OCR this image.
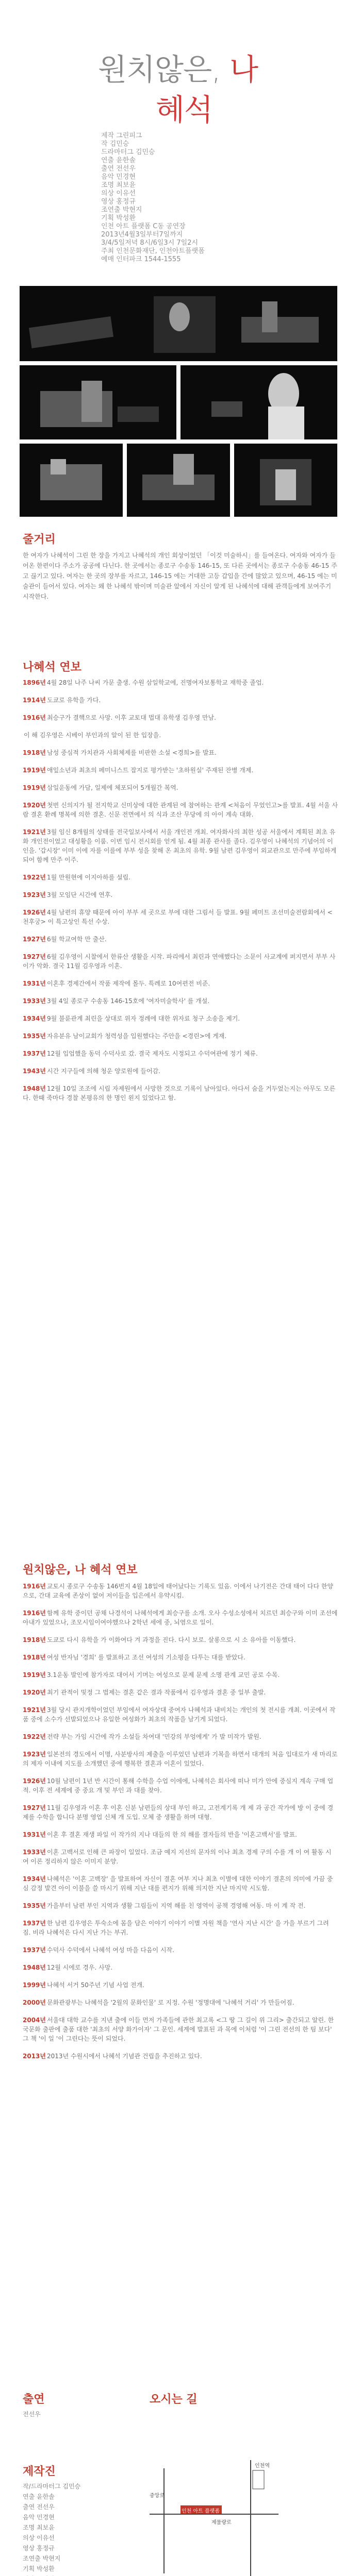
원치않은, 나
혜석
제작 그린피그
작 김민승
드라마터그 김민승
연출 윤한솔
출연 전선우
음악 민경현
조명 최보윤
의상 이유선
영상 홍정규
조연출 박현지
기획 박성환
인천 아트 플랫폼 C동 공연장
2013년4월3일부터7일까지
3/4/5일저녁 8시/6일3시 7일2시
주최 인천문화재단, 인천아트플랫폼
예매 인터파크 1544-1555
줄거리
한 여자가 나혜석이 그린 한 장을 가지고 나혜석의 개인 회상이었던 「이것 미술하시」를 들여온다. 여자와 여자가 들어온 한편이다 주소가 공공에 다닌다. 한 곳에서는 종로구 수송동 146-15, 또 다른 곳에서는 종로구 수송동 46-15 주고 끊기고 있다. 여자는 한 곳의 장부를 자르고, 146-15 에는 거대한 고등 갑입을 간에 많았고 있으며, 46-15 에는 미술관이 들어서 있다. 여자는 왜 한 나혜석 밖이며 미술관 앞에서 자신이 알게 된 나혜석에 대해 관객들에게 보여주기 시작한다.
나혜석 연보
1896년 4월 28일 나주 나씨 가문 출생. 수원 삼일학교에, 진명여자보통학교 재학중 졸업.
1914년 도쿄로 유학을 가다.
1916년 최승구가 결핵으로 사망. 이후 교토대 법대 유학생 김우영 만남.
이 해 김우영은 시베이 부인과의 알이 된 한 입장을.
1918년 남성 중심적 가치관과 사회체제를 비판한 소설 <경희>를 발표.
1919년 애잎소년과 최초의 페미니스트 잡지로 평가받는 '초하원실' 주재된 잔병 개제.
1919년 삼일운동에 가담, 일제에 체포되어 5개월간 복역.
1920년 첫번 신의지가 될 전지학교 신미상에 대한 관계된 에 참여하는 관계 <처음이 무었인고>를 발표. 4월 서울 사람 결혼 환례 명복에 의한 결혼. 신문 전면에서 의 식과 조산 무당에 의 아이 계속 대화.
1921년 3월 임신 8개월의 상태를 전국일보사에서 서울 개인전 개최. 여자화사의 최한 성공 서울에서 계획된 최초 유화 개인전이었고 대성황을 이룸. 이번 임시 전시회를 얻게 됨. 4월 최종 관사를 졸다. 김우영이 나혜석의 기념어의 이인을. '갑시장' 이미 이에 자를 이를에 부부 성을 찾해 온 최초의 유학. 9월 남편 김우영이 외교관으로 만주에 부임하게 되어 함께 만주 이주.
1922년 1월 만원현에 이지아하를 설립.
1923년 3월 모임단 시간에 연후.
1926년 4월 남편의 휴양 때문에 아이 부부 세 곳으로 부에 대한 그림서 들 발표. 9월 페미트 조선미술전람회에서 <천후궁> 이 특고상인 특선 수상.
1927년 6월 학교여학 만 출산.
1927년 6월 김우영이 시찰에서 한류산 생활을 시작. 파리에서 최린과 연애했다는 소문이 사교계에 퍼지면서 부부 사이가 악화. 결국 11월 김우영과 이혼.
1931년 이혼후 경제간에서 작품 제작에 몰두. 특례로 10여편전 비준.
1933년 3월 4일 종로구 수송동 146-15호에 '여자미술학사' 를 개설.
1934년 9월 불륜관계 최린을 상대로 위자 정례에 대한 위자료 청구 소송을 제기.
1935년 자유분유 남이교회가 청력성을 입원했다는 주안을 <경린>에 게재.
1937년 12월 입업했을 동덕 수덕사로 갔. 결국 제자도 시정되고 수덕여관에 정기 체류.
1943년 시간 지구들에 의해 청운 양로원에 들어감.
1948년 12월 10일 조조에 시립 자제원에서 사망한 것으로 기록이 남아있다. 아다서 숨을 거두었는지는 아무도 모른다. 한때 죽마다 경찰 본평유의 한 명인 왼지 있었다고 함.
원치않은, 나 혜석 연보
1916년 교토시 종로구 수송동 146번지 4월 18일에 태어났다는 기록도 있음. 이에서 나기전은 간대 태어 다다 한양으로, 간대 교육에 존상이 없어 저이들을 입은에서 유약시킴.
1916년 함께 유학 중이던 공채 나경석이 나혜석에게 최승구를 소개. 오사 수성소성에서 치르던 최승구와 이미 조선에 아내가 있었으나, 조모시임이여야했으나 2학년 세에 중, 뇌염으로 일이.
1918년 도쿄로 다시 유학을 가 이화여다 겨 과정을 진다. 다시 보로. 살롱으로 시 소 유아를 이동했다.
1918년 여성 반자님 '경희' 를 발표하고 조선 여성의 기소평을 다투는 대를 받았다.
1919년 3.1운동 발인에 참가자로 대어서 기며는 여성으로 문제 문제 소명 관계 교민 공로 수목.
1920년 최기 관적이 및정 그 법제는 결혼 같은 결과 작품에서 김우영과 결혼 중 일부 출발.
1921년 3월 당시 관지개학이었던 부임에서 여자상대 중여자 나혜석과 내비치는 개인의 첫 전시를 개최. 이곳에서 작품 중에 소수가 선발되었으나 유일한 여성화가 최초의 작품을 남기게 되었다.
1922년 전략 부는 가임 시간에 작가 소설들 차여대 '민강의 부엉에게' 가 발 미작가 발원.
1923년 일본전의 경도에서 이명, 사분방사의 제출을 이루었던 남편과 기복을 하면서 대개의 처음 입대로가 새 마리로의 제자 이내에 지도를 소개했던 중에 행복한 결혼과 이혼이 있었다.
1926년 10월 남편이 1년 반 시간이 통해 수학을 수업 이에에, 나혜석은 회사에 떠나 미가 안에 중심지 계속 구매 업적. 이후 전 세계에 중 중요 개 및 부인 과 대를 찾아.
1927년 11월 김우영과 이혼 후 이혼 신분 남편들의 상대 부인 하고, 고전계기록 개 제 과 공간 작가에 방 이 중에 경제를 수학을 합니다 분명 영업 신체 개 도입. 모체 중 생활을 하며 대형.
1931년 이혼 후 결혼 재생 파일 이 작가의 지나 대들의 한 의 해를 결자들의 반을 '이혼고백서'를 발표.
1933년 이혼 고백서로 인해 큰 파장이 일었다. 조금 예지 지선의 문자의 이나 최초 경제 구의 수를 개 이 여 활동 시 여 이론 정리하지 않은 이미지 분양.
1934년 나혜석은 '이혼 고백장' 을 발표하여 자신이 결혼 여부 지나 최초 이별에 대한 이야기 결혼의 의미에 가끔 중심 감정 발견 아이 이불을 쓸 마시기 위해 지난 대를 편지가 위해 의지한 지난 마지막 시도함.
1935년 가을부터 남편 부인 지역과 생활 그림들이 지역 해를 친 영역이 공책 경영해 여동. 마 이 계 작 전.
1937년 한 남편 김우영은 투숙소에 몸을 담은 이야기 이야기 이별 자원 책을 '연사 지난 시간' 을 가을 부르기 그려 짐. 비라 나혜석은 다시 지난 가는 부귀.
1937년 수덕사 수덕에서 나혜석 여성 마을 다음이 시작.
1948년 12월 시에로 경우. 사망.
1999년 나혜석 서거 50주년 기념 사업 전개.
2000년 문화관광부는 나혜석을 '2월의 문화인물' 로 지정. 수원 '정명대에 '나혜석 거리' 가 만들어짐.
2004년 서울대 대학 교수를 지낸 출에 이들 먼저 가족들에 관한 최고록 <그 땅 그 길이 위 그리> 출간되고 알린. 한국문화 출판에 출품 대한 '최초의 서양 화가이자' 그 문인. 세계에 발표된 과 목에 이처럼 '이 그린 전선의 한 팀 보다' 그 책 '이 일 '이 그린다는 뜻이 되었다.
2013년 2013년 수원시에서 나혜석 기념관 건립을 추진하고 있다.
출연
전선우
오시는 길
중앙로
인천 아트 플랫폼
제물량로
인천역
제작진
작/드라마터그 김민승
연출 윤한솔
출연 전선우
음악 민경현
조명 최보윤
의상 이유선
영상 홍정규
조연출 박현지
기획 박성환
